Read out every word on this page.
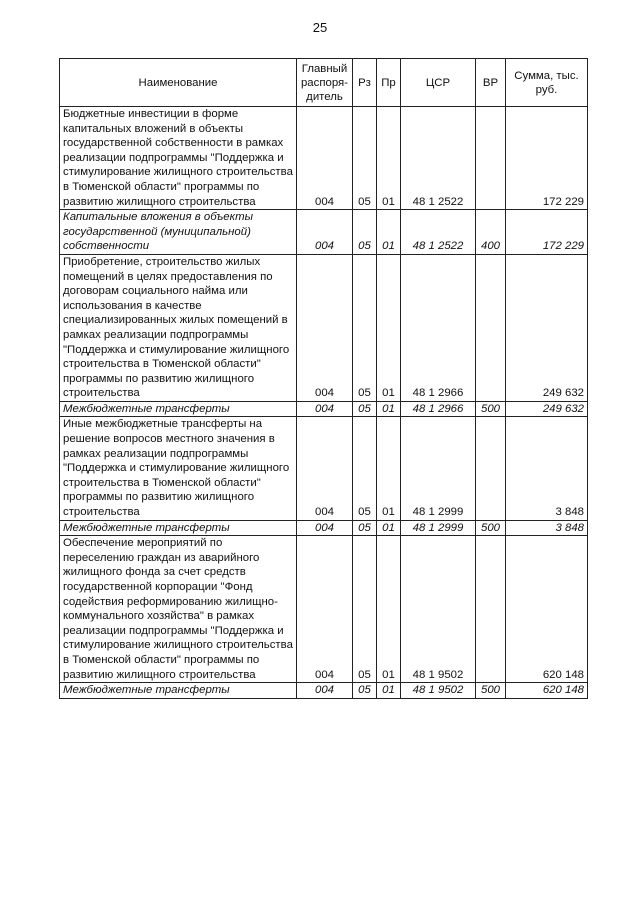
25
Наименование	Главный распоря- дитель	Рз	Пр	ЦСР	ВР	Сумма, тыс. руб.
Бюджетные инвестиции в форме капитальных вложений в объекты государственной собственности в рамках реализации подпрограммы "Поддержка и стимулирование жилищного строительства в Тюменской области" программы по развитию жилищного строительства	004	05	01	48 1 2522		172 229
Капитальные вложения в объекты государственной (муниципальной) собственности	004	05	01	48 1 2522	400	172 229
Приобретение, строительство жилых помещений в целях предоставления по договорам социального найма или использования в качестве специализированных жилых помещений в рамках реализации подпрограммы "Поддержка и стимулирование жилищного строительства в Тюменской области" программы по развитию жилищного строительства	004	05	01	48 1 2966		249 632
Межбюджетные трансферты	004	05	01	48 1 2966	500	249 632
Иные межбюджетные трансферты на решение вопросов местного значения в рамках реализации подпрограммы "Поддержка и стимулирование жилищного строительства в Тюменской области" программы по развитию жилищного строительства	004	05	01	48 1 2999		3 848
Межбюджетные трансферты	004	05	01	48 1 2999	500	3 848
Обеспечение мероприятий по переселению граждан из аварийного жилищного фонда за счет средств государственной корпорации "Фонд содействия реформированию жилищно-коммунального хозяйства" в рамках реализации подпрограммы "Поддержка и стимулирование жилищного строительства в Тюменской области" программы по развитию жилищного строительства	004	05	01	48 1 9502		620 148
Межбюджетные трансферты	004	05	01	48 1 9502	500	620 148
